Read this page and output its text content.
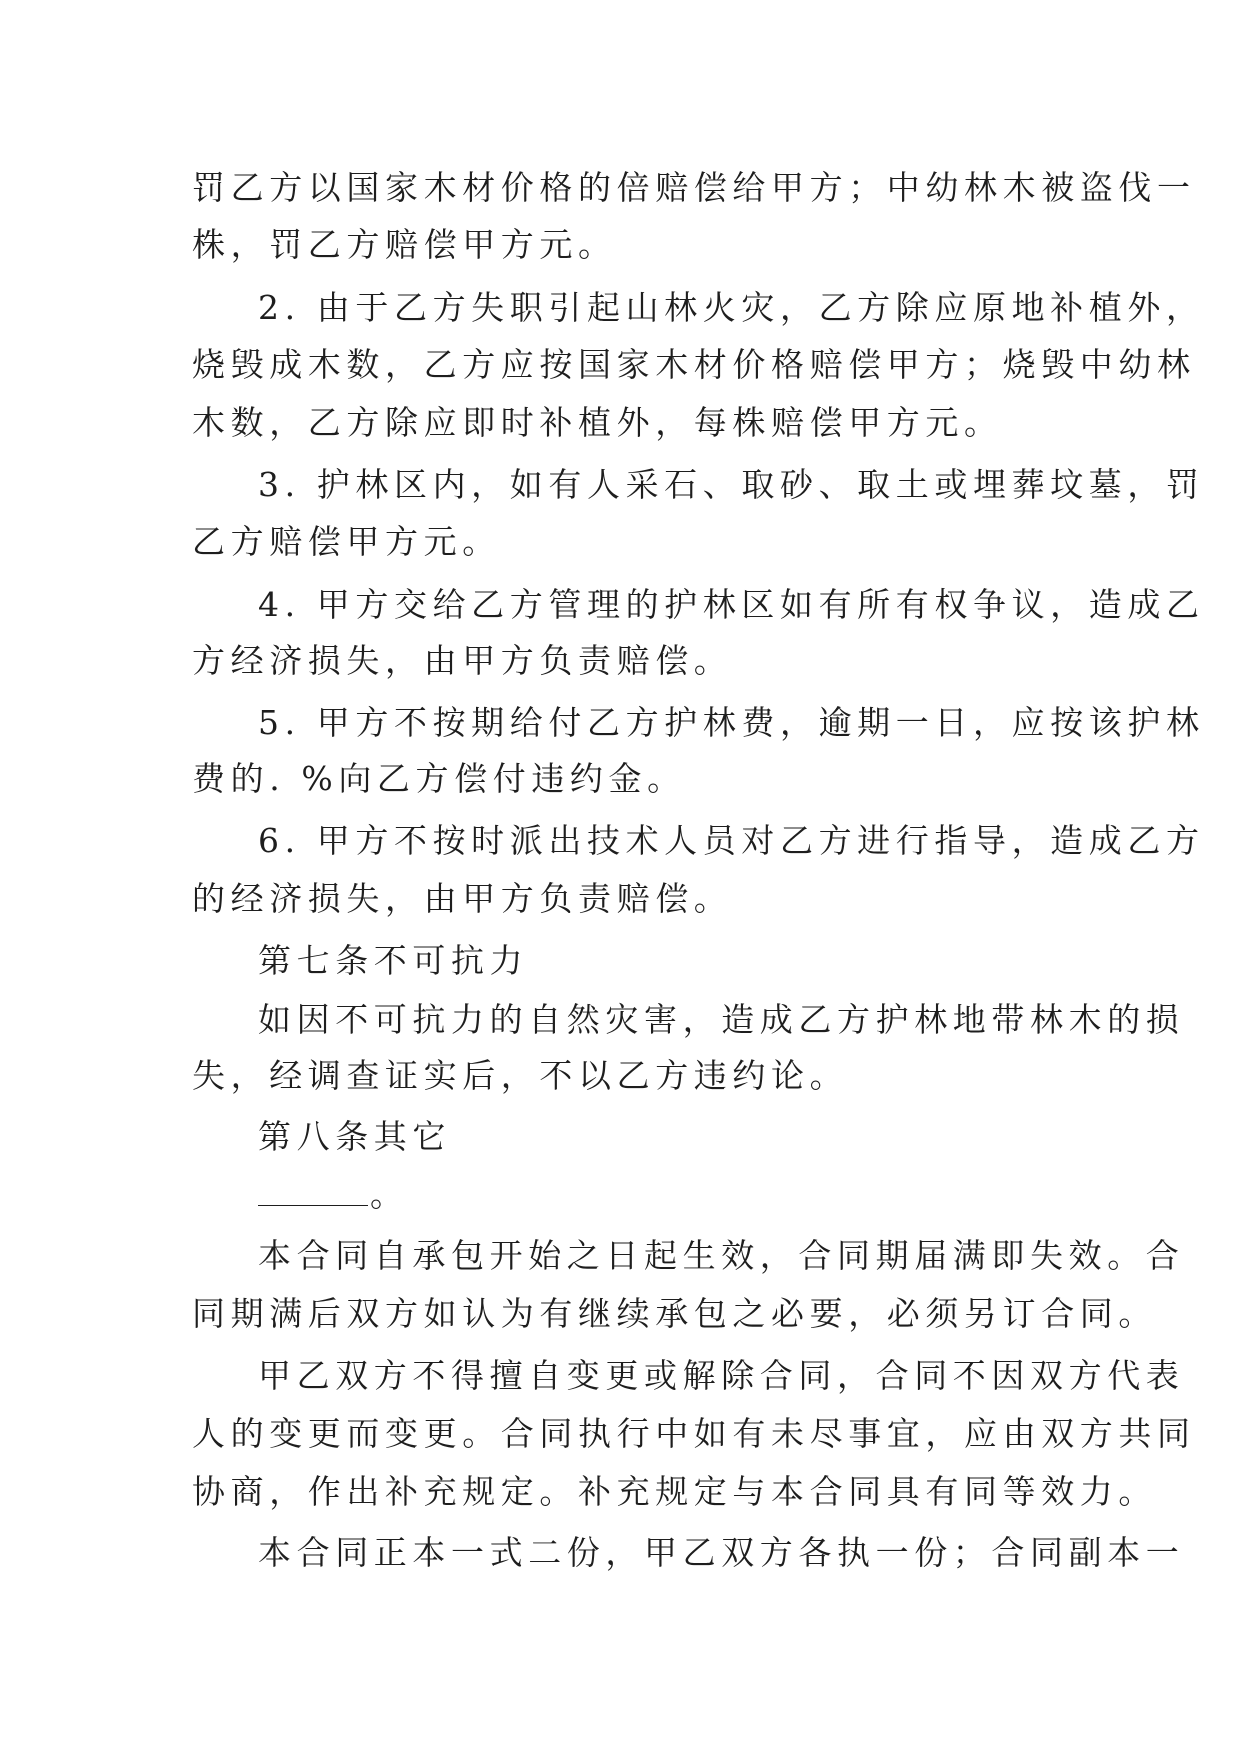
罚乙方以国家木材价格的倍赔偿给甲方；中幼林木被盗伐一
株，罚乙方赔偿甲方元。
2. 由于乙方失职引起山林火灾，乙方除应原地补植外，
烧毁成木数，乙方应按国家木材价格赔偿甲方；烧毁中幼林
木数，乙方除应即时补植外，每株赔偿甲方元。
3. 护林区内，如有人采石、取砂、取土或埋葬坟墓，罚
乙方赔偿甲方元。
4. 甲方交给乙方管理的护林区如有所有权争议，造成乙
方经济损失，由甲方负责赔偿。
5. 甲方不按期给付乙方护林费，逾期一日，应按该护林
费的. %向乙方偿付违约金。
6. 甲方不按时派出技术人员对乙方进行指导，造成乙方
的经济损失，由甲方负责赔偿。
第七条不可抗力
如因不可抗力的自然灾害，造成乙方护林地带林木的损
失，经调查证实后，不以乙方违约论。
第八条其它
。
本合同自承包开始之日起生效，合同期届满即失效。合
同期满后双方如认为有继续承包之必要，必须另订合同。
甲乙双方不得擅自变更或解除合同，合同不因双方代表
人的变更而变更。合同执行中如有未尽事宜，应由双方共同
协商，作出补充规定。补充规定与本合同具有同等效力。
本合同正本一式二份，甲乙双方各执一份；合同副本一
